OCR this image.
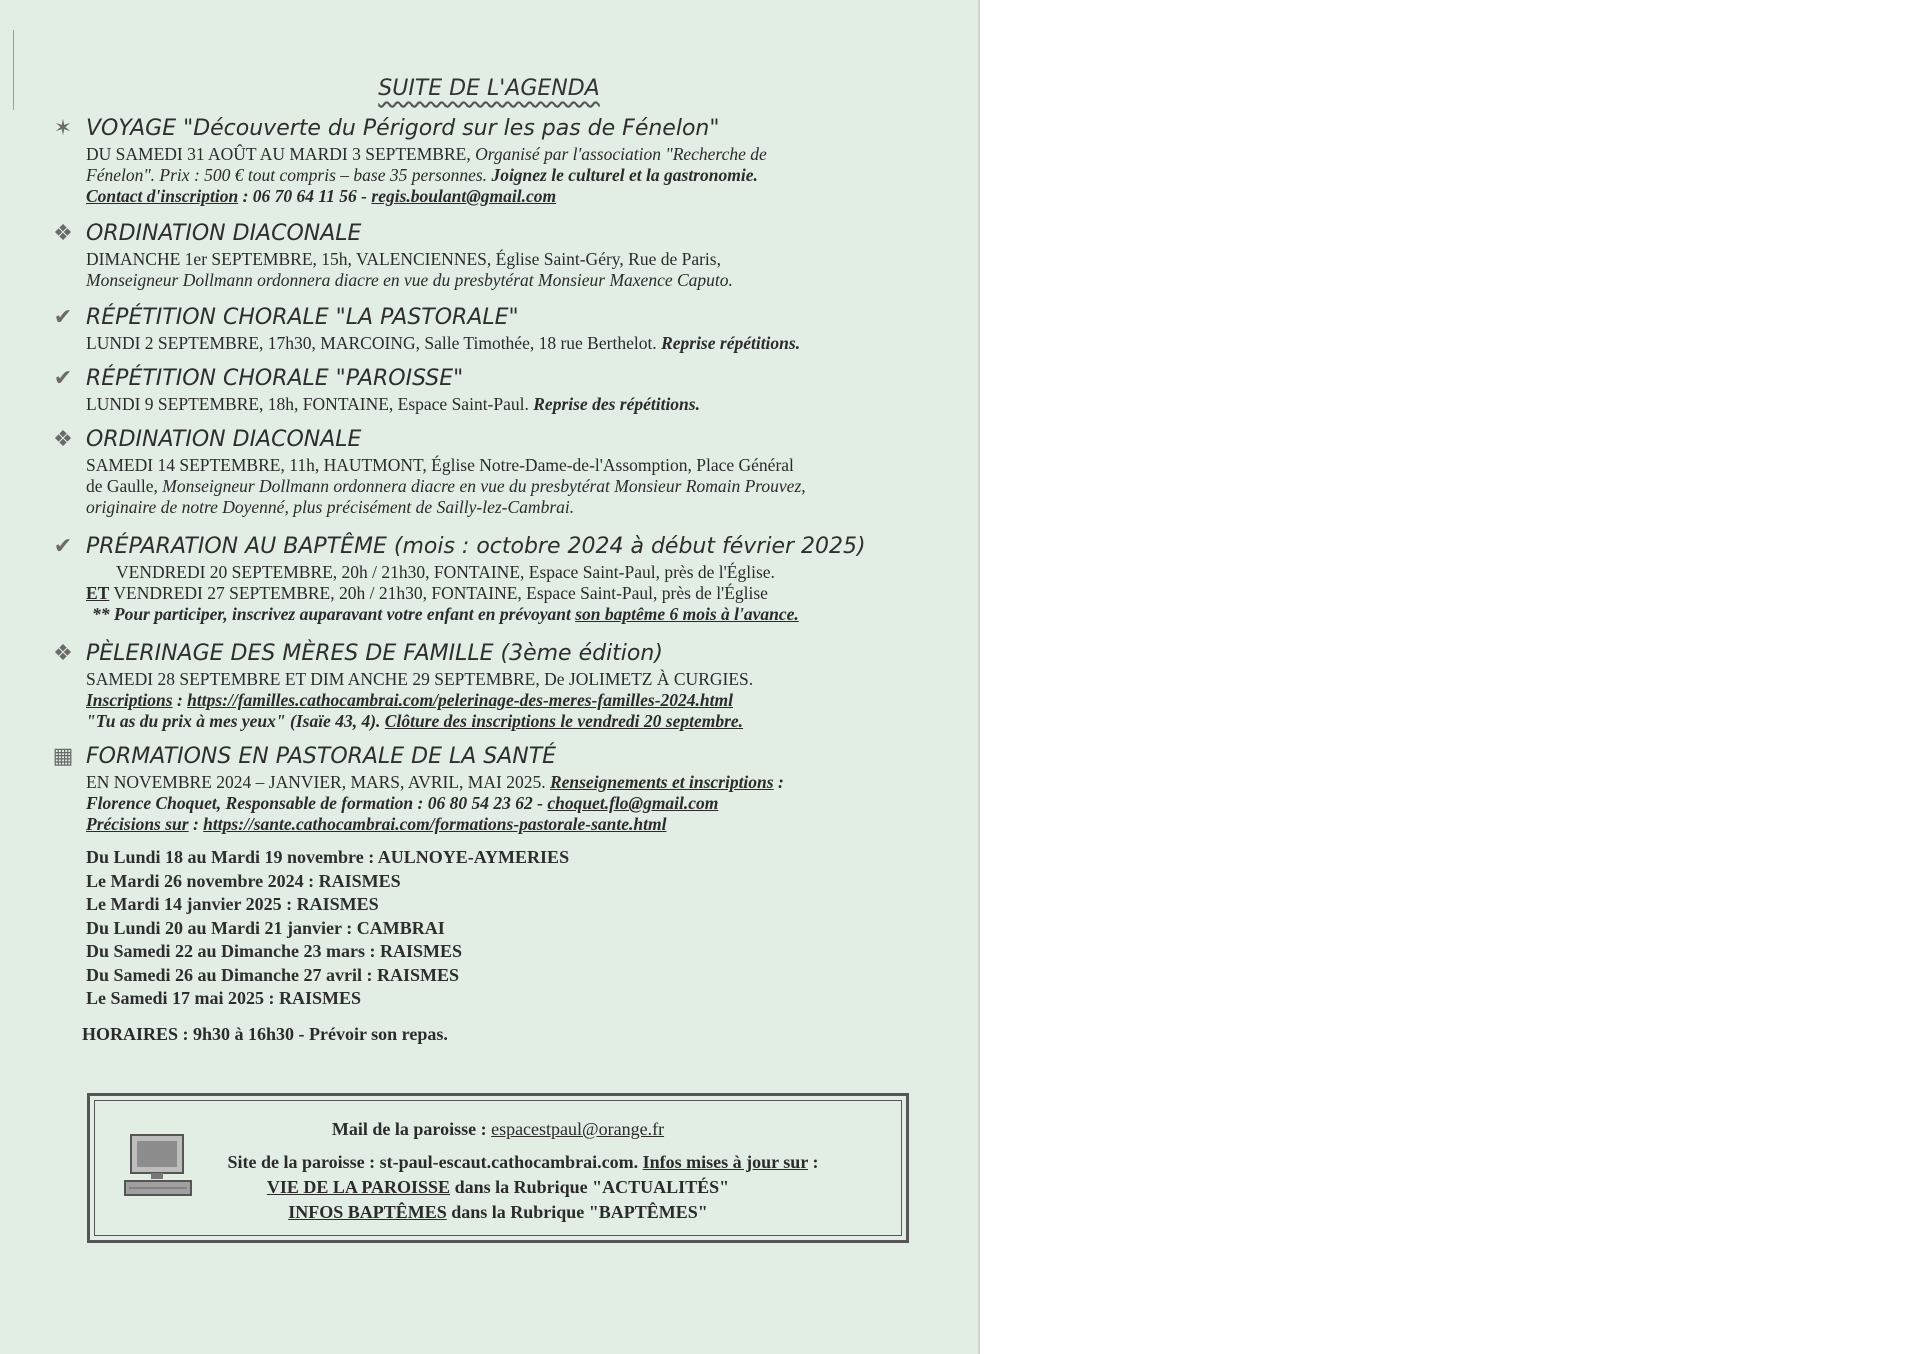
SUITE DE L'AGENDA
✶ VOYAGE "Découverte du Périgord sur les pas de Fénelon"
DU SAMEDI 31 AOÛT AU MARDI 3 SEPTEMBRE, Organisé par l'association "Recherche de
Fénelon". Prix : 500 € tout compris – base 35 personnes. Joignez le culturel et la gastronomie.
Contact d'inscription : 06 70 64 11 56 - regis.boulant@gmail.com
❖ ORDINATION DIACONALE
DIMANCHE 1er SEPTEMBRE, 15h, VALENCIENNES, Église Saint-Géry, Rue de Paris,
Monseigneur Dollmann ordonnera diacre en vue du presbytérat Monsieur Maxence Caputo.
✔ RÉPÉTITION CHORALE "LA PASTORALE"
LUNDI 2 SEPTEMBRE, 17h30, MARCOING, Salle Timothée, 18 rue Berthelot. Reprise répétitions.
✔ RÉPÉTITION CHORALE "PAROISSE"
LUNDI 9 SEPTEMBRE, 18h, FONTAINE, Espace Saint-Paul. Reprise des répétitions.
❖ ORDINATION DIACONALE
SAMEDI 14 SEPTEMBRE, 11h, HAUTMONT, Église Notre-Dame-de-l'Assomption, Place Général
de Gaulle, Monseigneur Dollmann ordonnera diacre en vue du presbytérat Monsieur Romain Prouvez,
originaire de notre Doyenné, plus précisément de Sailly-lez-Cambrai.
✔ PRÉPARATION AU BAPTÊME (mois : octobre 2024 à début février 2025)
VENDREDI 20 SEPTEMBRE, 20h / 21h30, FONTAINE, Espace Saint-Paul, près de l'Église.
ET VENDREDI 27 SEPTEMBRE, 20h / 21h30, FONTAINE, Espace Saint-Paul, près de l'Église
** Pour participer, inscrivez auparavant votre enfant en prévoyant son baptême 6 mois à l'avance.
❖ PÈLERINAGE DES MÈRES DE FAMILLE (3ème édition)
SAMEDI 28 SEPTEMBRE ET DIM ANCHE 29 SEPTEMBRE, De JOLIMETZ À CURGIES.
Inscriptions : https://familles.cathocambrai.com/pelerinage-des-meres-familles-2024.html
"Tu as du prix à mes yeux" (Isaïe 43, 4). Clôture des inscriptions le vendredi 20 septembre.
▦ FORMATIONS EN PASTORALE DE LA SANTÉ
EN NOVEMBRE 2024 – JANVIER, MARS, AVRIL, MAI 2025. Renseignements et inscriptions :
Florence Choquet, Responsable de formation : 06 80 54 23 62 - choquet.flo@gmail.com
Précisions sur : https://sante.cathocambrai.com/formations-pastorale-sante.html
Du Lundi 18 au Mardi 19 novembre : AULNOYE-AYMERIES
Le Mardi 26 novembre 2024 : RAISMES
Le Mardi 14 janvier 2025 : RAISMES
Du Lundi 20 au Mardi 21 janvier : CAMBRAI
Du Samedi 22 au Dimanche 23 mars : RAISMES
Du Samedi 26 au Dimanche 27 avril : RAISMES
Le Samedi 17 mai 2025 : RAISMES
HORAIRES : 9h30 à 16h30 - Prévoir son repas.
Mail de la paroisse : espacestpaul@orange.fr
Site de la paroisse : st-paul-escaut.cathocambrai.com. Infos mises à jour sur :
VIE DE LA PAROISSE dans la Rubrique "ACTUALITÉS"
INFOS BAPTÊMES dans la Rubrique "BAPTÊMES"
